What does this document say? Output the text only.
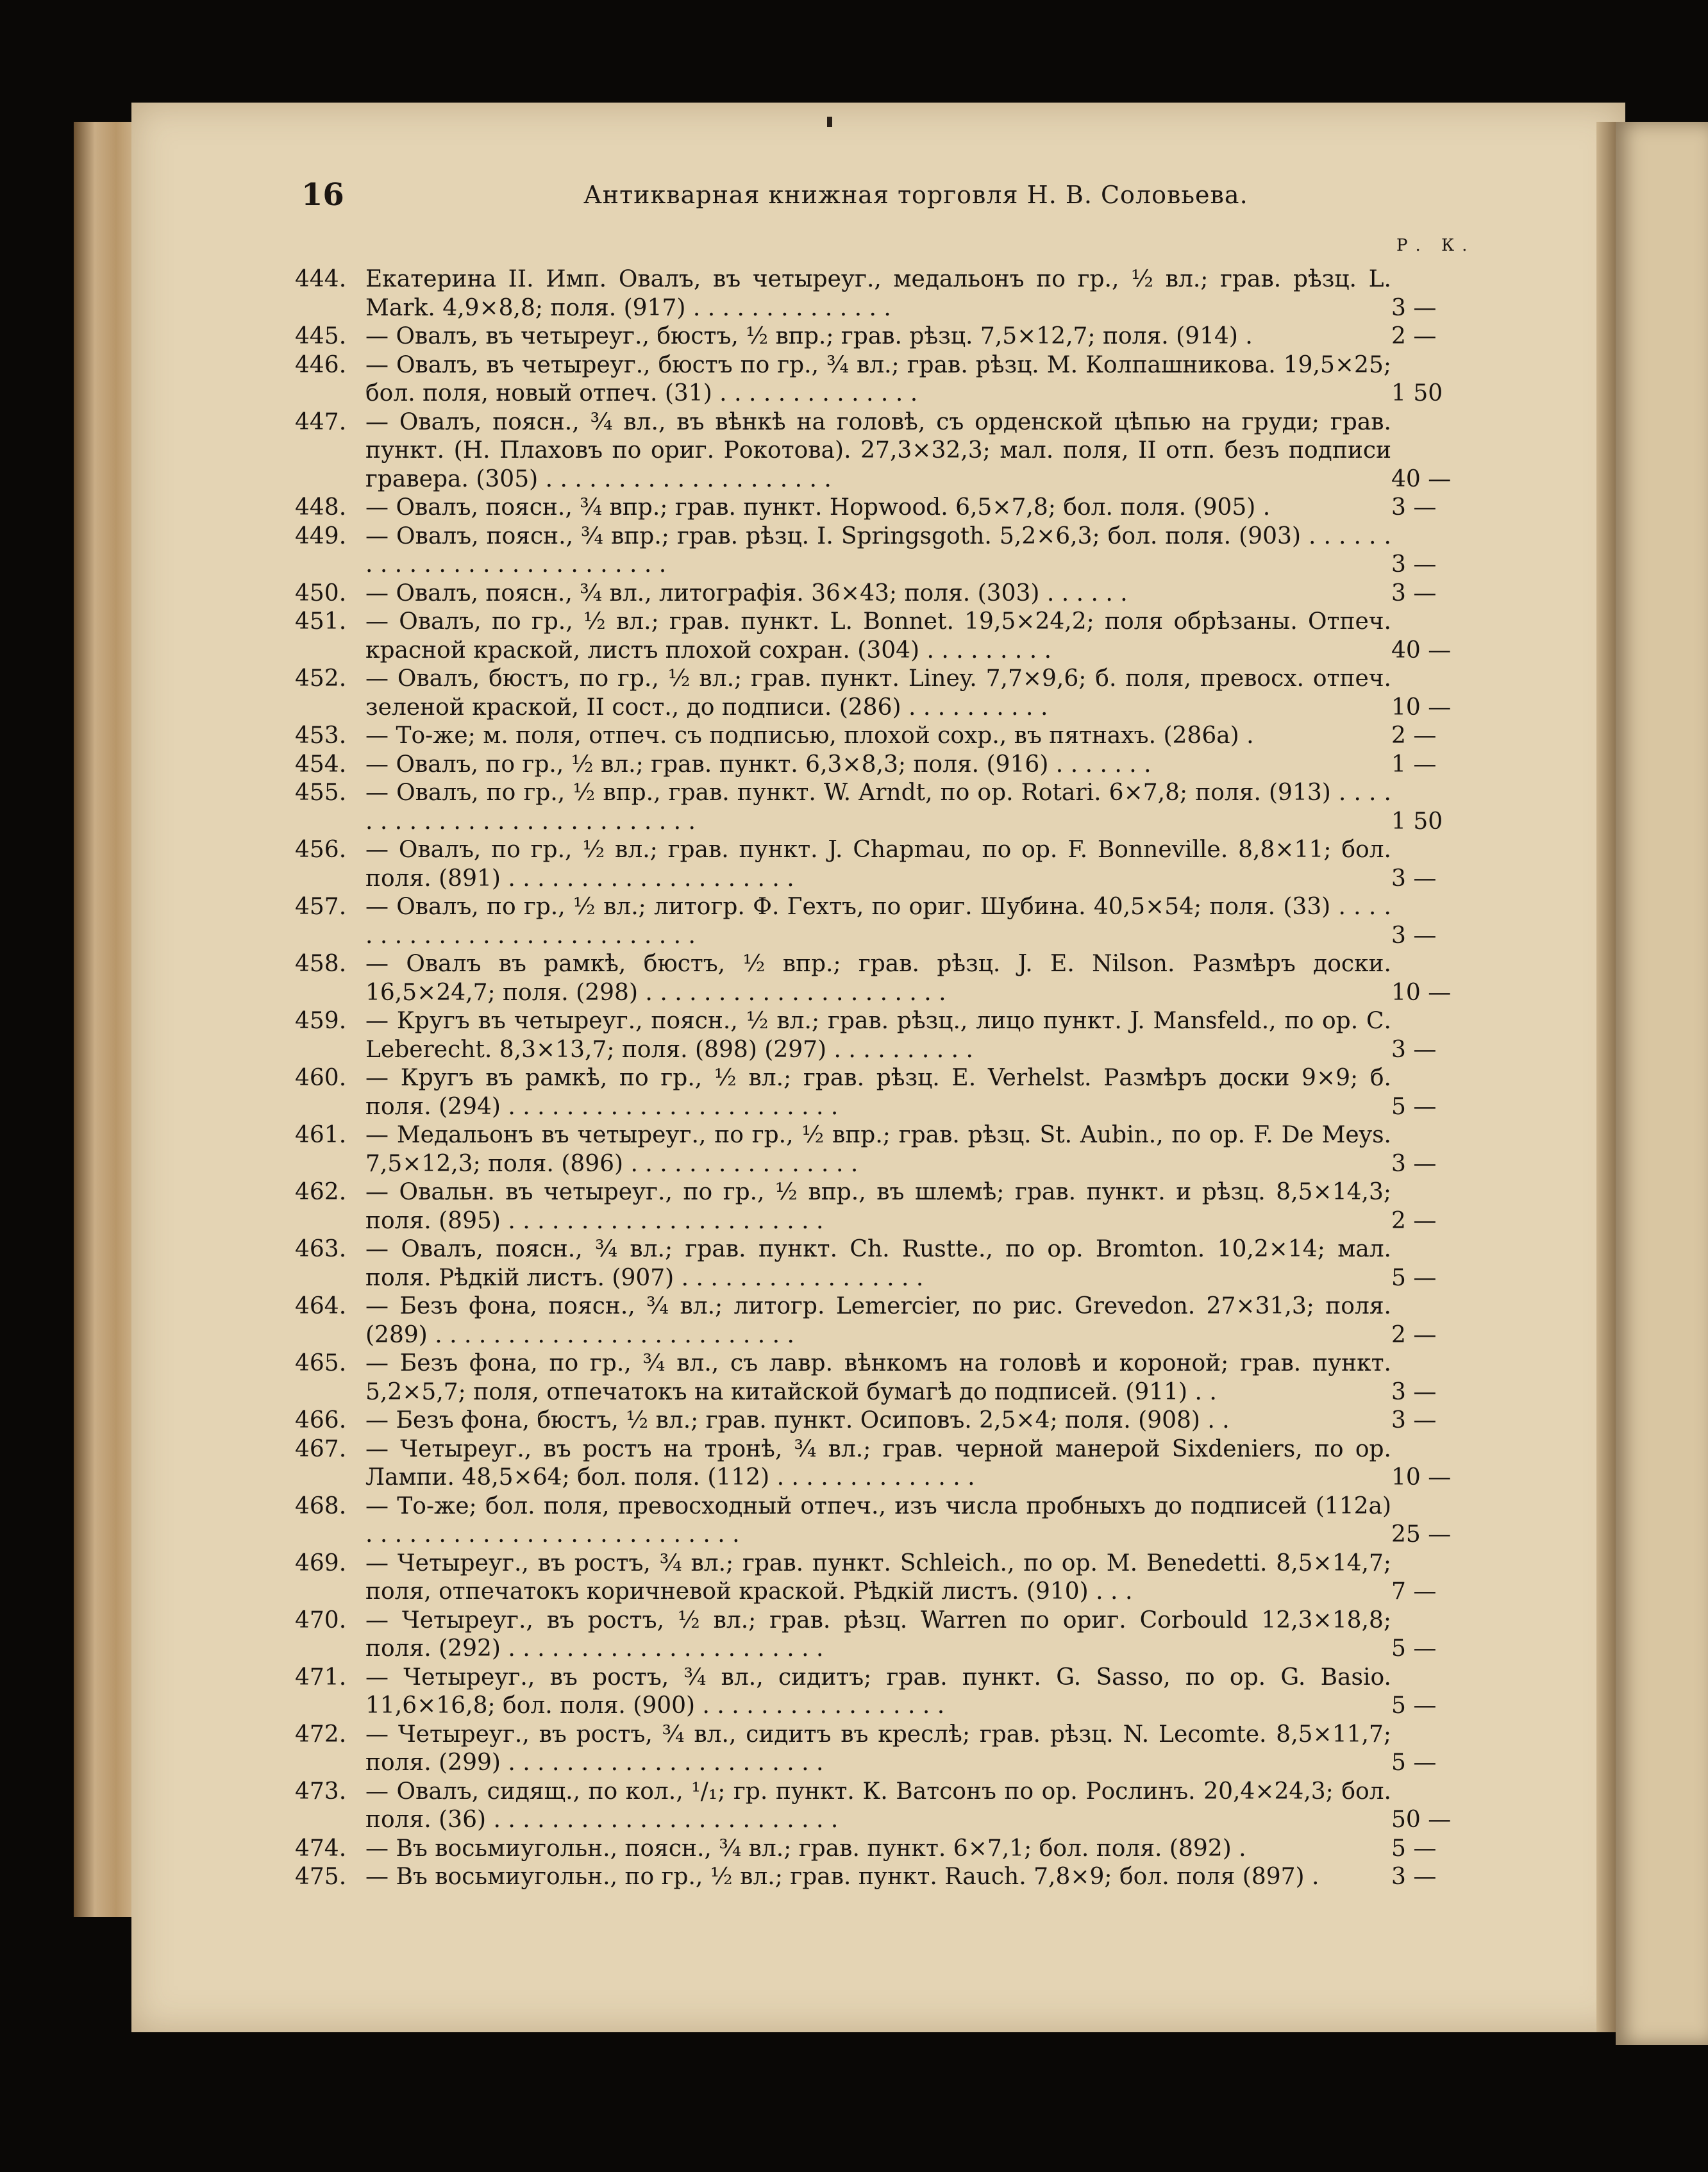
16	Антикварная книжная торговля Н. В. Соловьева.
Р. К.
444. Екатерина II. Имп. Овалъ, въ четыреуг., медальонъ по гр., ½ вл.; грав. рѣзц. L. Mark. 4,9×8,8; поля. (917) . . . . . . . . . . . . . .	3 —
445. — Овалъ, въ четыреуг., бюстъ, ½ впр.; грав. рѣзц. 7,5×12,7; поля. (914) .	2 —
446. — Овалъ, въ четыреуг., бюстъ по гр., ¾ вл.; грав. рѣзц. М. Колпашникова. 19,5×25; бол. поля, новый отпеч. (31) . . . . . . . . . . . . . .	1 50
447. — Овалъ, поясн., ¾ вл., въ вѣнкѣ на головѣ, съ орденской цѣпью на груди; грав. пункт. (Н. Плаховъ по ориг. Рокотова). 27,3×32,3; мал. поля, II отп. безъ подписи гравера. (305) . . . . . . . . . . . . . . . . . . . .	40 —
448. — Овалъ, поясн., ¾ впр.; грав. пункт. Hopwood. 6,5×7,8; бол. поля. (905) .	3 —
449. — Овалъ, поясн., ¾ впр.; грав. рѣзц. I. Springsgoth. 5,2×6,3; бол. поля. (903) . . . . . . . . . . . . . . . . . . . . . . . . . . .	3 —
450. — Овалъ, поясн., ¾ вл., литографія. 36×43; поля. (303) . . . . . .	3 —
451. — Овалъ, по гр., ½ вл.; грав. пункт. L. Bonnet. 19,5×24,2; поля обрѣзаны. Отпеч. красной краской, листъ плохой сохран. (304) . . . . . . . . .	40 —
452. — Овалъ, бюстъ, по гр., ½ вл.; грав. пункт. Liney. 7,7×9,6; б. поля, превосх. отпеч. зеленой краской, II сост., до подписи. (286) . . . . . . . . . .	10 —
453. — То-же; м. поля, отпеч. съ подписью, плохой сохр., въ пятнахъ. (286а) .	2 —
454. — Овалъ, по гр., ½ вл.; грав. пункт. 6,3×8,3; поля. (916) . . . . . . .	1 —
455. — Овалъ, по гр., ½ впр., грав. пункт. W. Arndt, по ор. Rotari. 6×7,8; поля. (913) . . . . . . . . . . . . . . . . . . . . . . . . . . .	1 50
456. — Овалъ, по гр., ½ вл.; грав. пункт. J. Chapmau, по ор. F. Bonneville. 8,8×11; бол. поля. (891) . . . . . . . . . . . . . . . . . . . .	3 —
457. — Овалъ, по гр., ½ вл.; литогр. Ф. Гехтъ, по ориг. Шубина. 40,5×54; поля. (33) . . . . . . . . . . . . . . . . . . . . . . . . . . .	3 —
458. — Овалъ въ рамкѣ, бюстъ, ½ впр.; грав. рѣзц. J. E. Nilson. Размѣръ доски. 16,5×24,7; поля. (298) . . . . . . . . . . . . . . . . . . . . .	10 —
459. — Кругъ въ четыреуг., поясн., ½ вл.; грав. рѣзц., лицо пункт. J. Mansfeld., по ор. С. Leberecht. 8,3×13,7; поля. (898) (297) . . . . . . . . . .	3 —
460. — Кругъ въ рамкѣ, по гр., ½ вл.; грав. рѣзц. E. Verhelst. Размѣръ доски 9×9; б. поля. (294) . . . . . . . . . . . . . . . . . . . . . . .	5 —
461. — Медальонъ въ четыреуг., по гр., ½ впр.; грав. рѣзц. St. Aubin., по ор. F. De Meys. 7,5×12,3; поля. (896) . . . . . . . . . . . . . . . .	3 —
462. — Овальн. въ четыреуг., по гр., ½ впр., въ шлемѣ; грав. пункт. и рѣзц. 8,5×14,3; поля. (895) . . . . . . . . . . . . . . . . . . . . . .	2 —
463. — Овалъ, поясн., ¾ вл.; грав. пункт. Ch. Rustte., по ор. Bromton. 10,2×14; мал. поля. Рѣдкій листъ. (907) . . . . . . . . . . . . . . . . .	5 —
464. — Безъ фона, поясн., ¾ вл.; литогр. Lemercier, по рис. Grevedon. 27×31,3; поля. (289) . . . . . . . . . . . . . . . . . . . . . . . . .	2 —
465. — Безъ фона, по гр., ¾ вл., съ лавр. вѣнкомъ на головѣ и короной; грав. пункт. 5,2×5,7; поля, отпечатокъ на китайской бумагѣ до подписей. (911) . .	3 —
466. — Безъ фона, бюстъ, ½ вл.; грав. пункт. Осиповъ. 2,5×4; поля. (908) . .	3 —
467. — Четыреуг., въ ростъ на тронѣ, ¾ вл.; грав. черной манерой Sixdeniers, по ор. Лампи. 48,5×64; бол. поля. (112) . . . . . . . . . . . . . .	10 —
468. — То-же; бол. поля, превосходный отпеч., изъ числа пробныхъ до подписей (112а) . . . . . . . . . . . . . . . . . . . . . . . . . .	25 —
469. — Четыреуг., въ ростъ, ¾ вл.; грав. пункт. Schleich., по ор. M. Benedetti. 8,5×14,7; поля, отпечатокъ коричневой краской. Рѣдкій листъ. (910) . . .	7 —
470. — Четыреуг., въ ростъ, ½ вл.; грав. рѣзц. Warren по ориг. Corbould 12,3×18,8; поля. (292) . . . . . . . . . . . . . . . . . . . . . .	5 —
471. — Четыреуг., въ ростъ, ¾ вл., сидитъ; грав. пункт. G. Sasso, по ор. G. Basio. 11,6×16,8; бол. поля. (900) . . . . . . . . . . . . . . . . .	5 —
472. — Четыреуг., въ ростъ, ¾ вл., сидитъ въ креслѣ; грав. рѣзц. N. Lecomte. 8,5×11,7; поля. (299) . . . . . . . . . . . . . . . . . . . . . .	5 —
473. — Овалъ, сидящ., по кол., ¹/₁; гр. пункт. К. Ватсонъ по ор. Рослинъ. 20,4×24,3; бол. поля. (36) . . . . . . . . . . . . . . . . . . . . . . . .	50 —
474. — Въ восьмиугольн., поясн., ¾ вл.; грав. пункт. 6×7,1; бол. поля. (892) .	5 —
475. — Въ восьмиугольн., по гр., ½ вл.; грав. пункт. Rauch. 7,8×9; бол. поля (897) .	3 —
